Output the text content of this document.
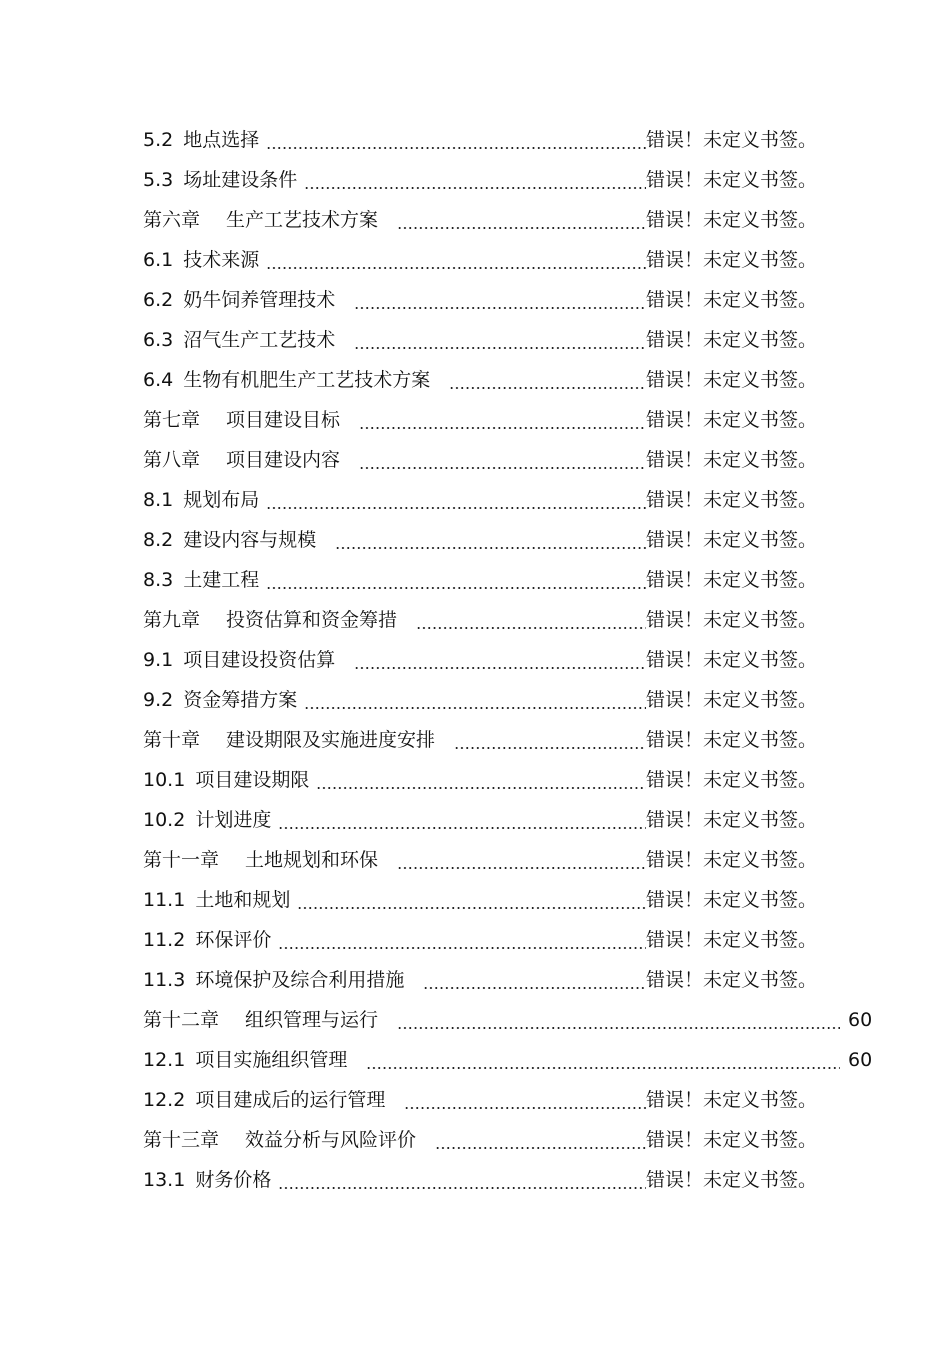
5.2 地点选择	错误！未定义书签。
5.3 场址建设条件	错误！未定义书签。
第六章 生产工艺技术方案	错误！未定义书签。
6.1 技术来源	错误！未定义书签。
6.2 奶牛饲养管理技术	错误！未定义书签。
6.3 沼气生产工艺技术	错误！未定义书签。
6.4 生物有机肥生产工艺技术方案	错误！未定义书签。
第七章 项目建设目标	错误！未定义书签。
第八章 项目建设内容	错误！未定义书签。
8.1 规划布局	错误！未定义书签。
8.2 建设内容与规模	错误！未定义书签。
8.3 土建工程	错误！未定义书签。
第九章 投资估算和资金筹措	错误！未定义书签。
9.1 项目建设投资估算	错误！未定义书签。
9.2 资金筹措方案	错误！未定义书签。
第十章 建设期限及实施进度安排	错误！未定义书签。
10.1 项目建设期限	错误！未定义书签。
10.2 计划进度	错误！未定义书签。
第十一章 土地规划和环保	错误！未定义书签。
11.1 土地和规划	错误！未定义书签。
11.2 环保评价	错误！未定义书签。
11.3 环境保护及综合利用措施	错误！未定义书签。
第十二章 组织管理与运行	60
12.1 项目实施组织管理	60
12.2 项目建成后的运行管理	错误！未定义书签。
第十三章 效益分析与风险评价	错误！未定义书签。
13.1 财务价格	错误！未定义书签。
